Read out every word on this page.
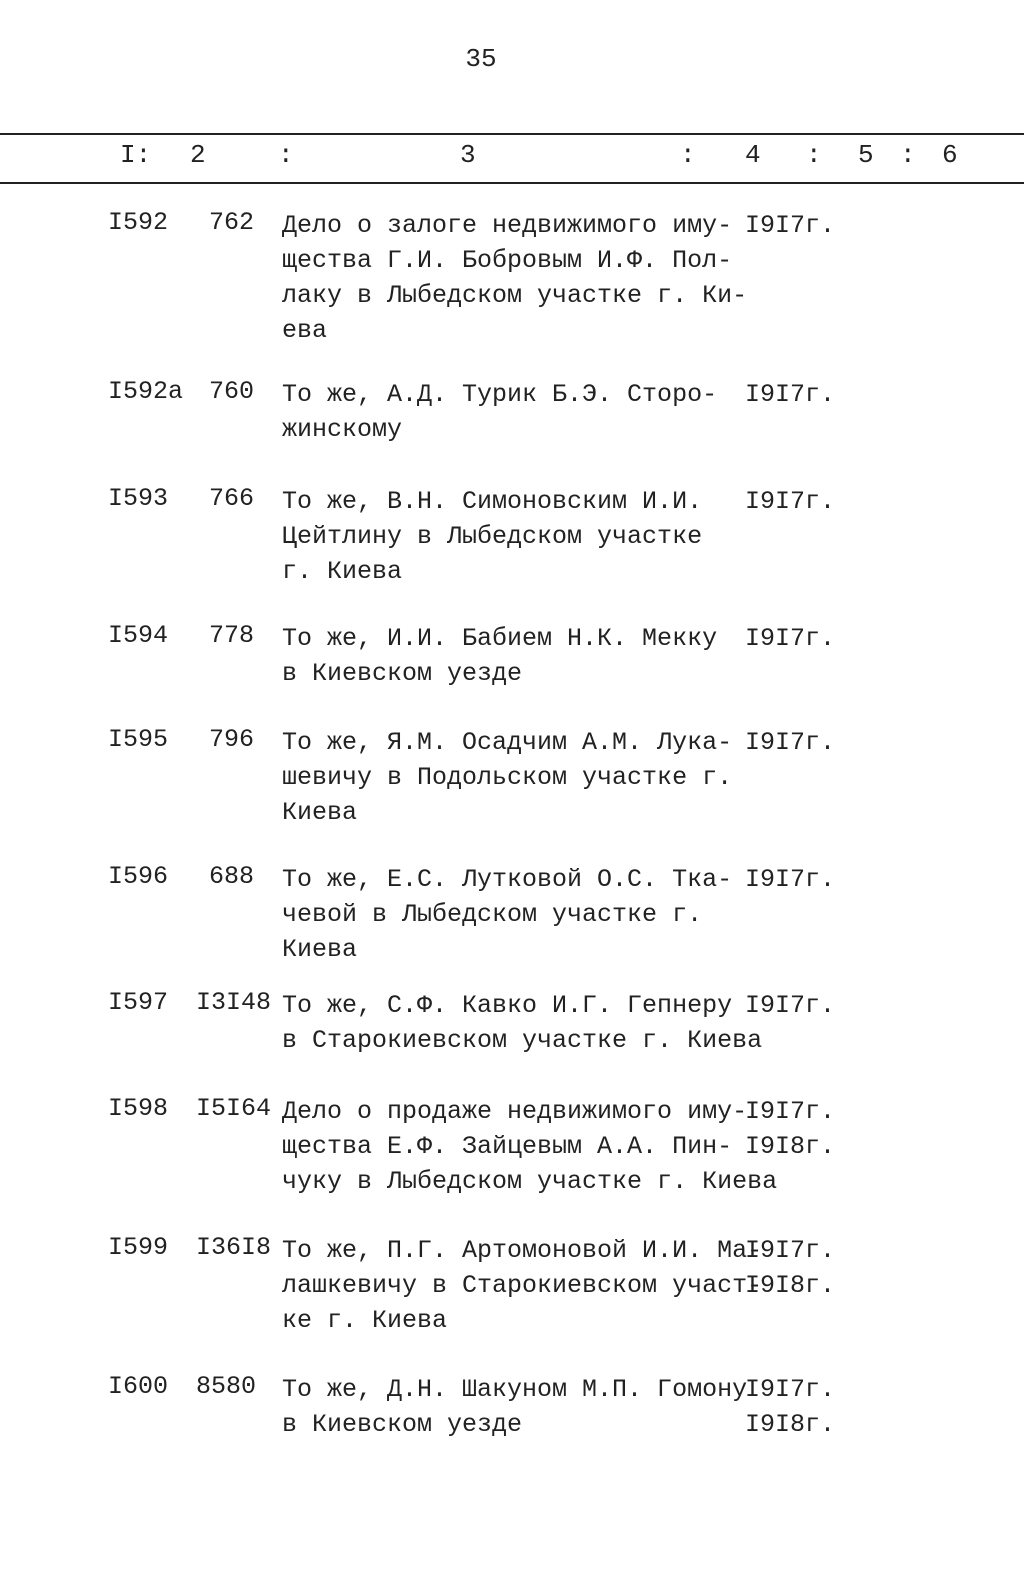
35
I: 2	:	3	: 4 : 5 : 6
I592	762 Дело о залоге недвижимого иму-
щества Г.И. Бобровым И.Ф. Пол-
лаку в Лыбедском участке г. Ки-
ева
I9I7г.
I592а	760 То же, А.Д. Турик Б.Э. Сторо-
жинскому
I9I7г.
I593	766 То же, В.Н. Симоновским И.И.
Цейтлину в Лыбедском участке
г. Киева
I9I7г.
I594	778 То же, И.И. Бабием Н.К. Мекку
в Киевском уезде
I9I7г.
I595	796 То же, Я.М. Осадчим А.М. Лука-
шевичу в Подольском участке г.
Киева
I9I7г.
I596	688 То же, Е.С. Лутковой О.С. Тка-
чевой в Лыбедском участке г.
Киева
I9I7г.
I597 I3I48 То же, С.Ф. Кавко И.Г. Гепнеру
в Старокиевском участке г. Киева
I9I7г.
I598 I5I64 Дело о продаже недвижимого иму-
щества Е.Ф. Зайцевым А.А. Пин-
чуку в Лыбедском участке г. Киева
I9I7г.
I9I8г.
I599 I36I8 То же, П.Г. Артомоновой И.И. Ма-
лашкевичу в Старокиевском участ-
ке г. Киева
I9I7г.
I9I8г.
I600 8580 То же, Д.Н. Шакуном М.П. Гомону
в Киевском уезде
I9I7г.
I9I8г.
